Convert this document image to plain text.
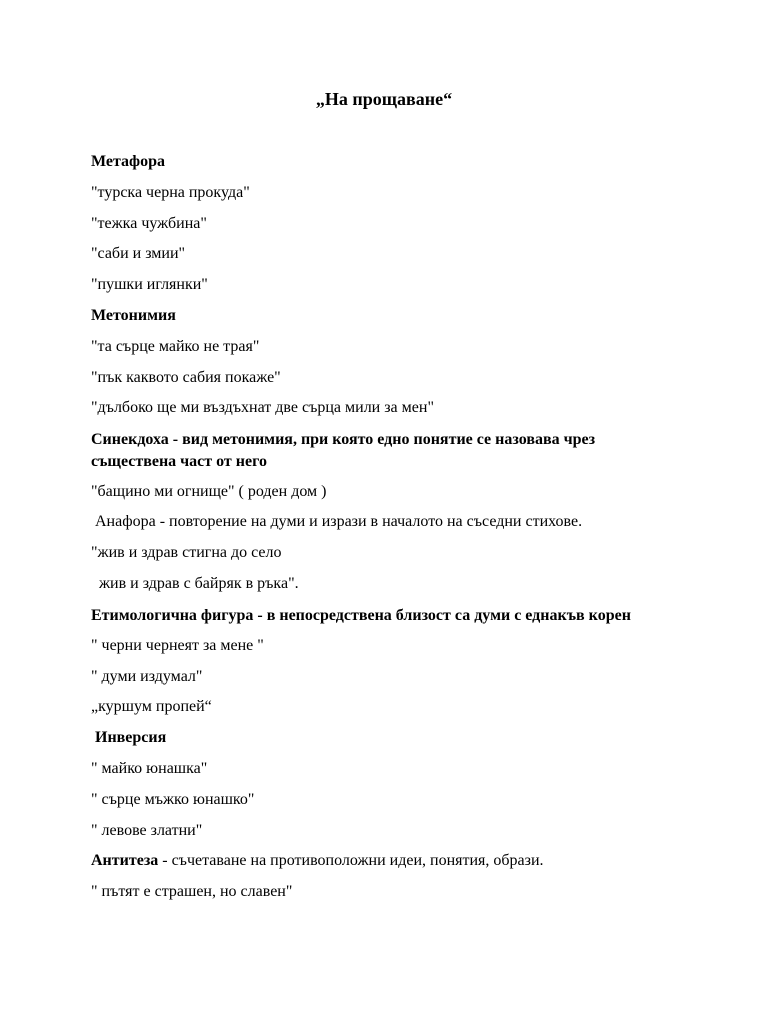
„На прощаване“
Метафора
"турска черна прокуда"
"тежка чужбина"
"саби и змии"
"пушки иглянки"
Метонимия
"та сърце майко не трая"
"пък каквото сабия покаже"
"дълбоко ще ми въздъхнат две сърца мили за мен"
Синекдоха - вид метонимия, при която едно понятие се назовава чрез съществена част от него
"бащино ми огнище" ( роден дом )
Анафора - повторение на думи и изрази в началото на съседни стихове.
"жив и здрав стигна до село
жив и здрав с байряк в ръка".
Етимологична фигура - в непосредствена близост са думи с еднакъв корен
" черни чернеят за мене "
" думи издумал"
„куршум пропей“
Инверсия
" майко юнашка"
" сърце мъжко юнашко"
" левове златни"
Антитеза - съчетаване на противоположни идеи, понятия, образи.
" пътят е страшен, но славен"
